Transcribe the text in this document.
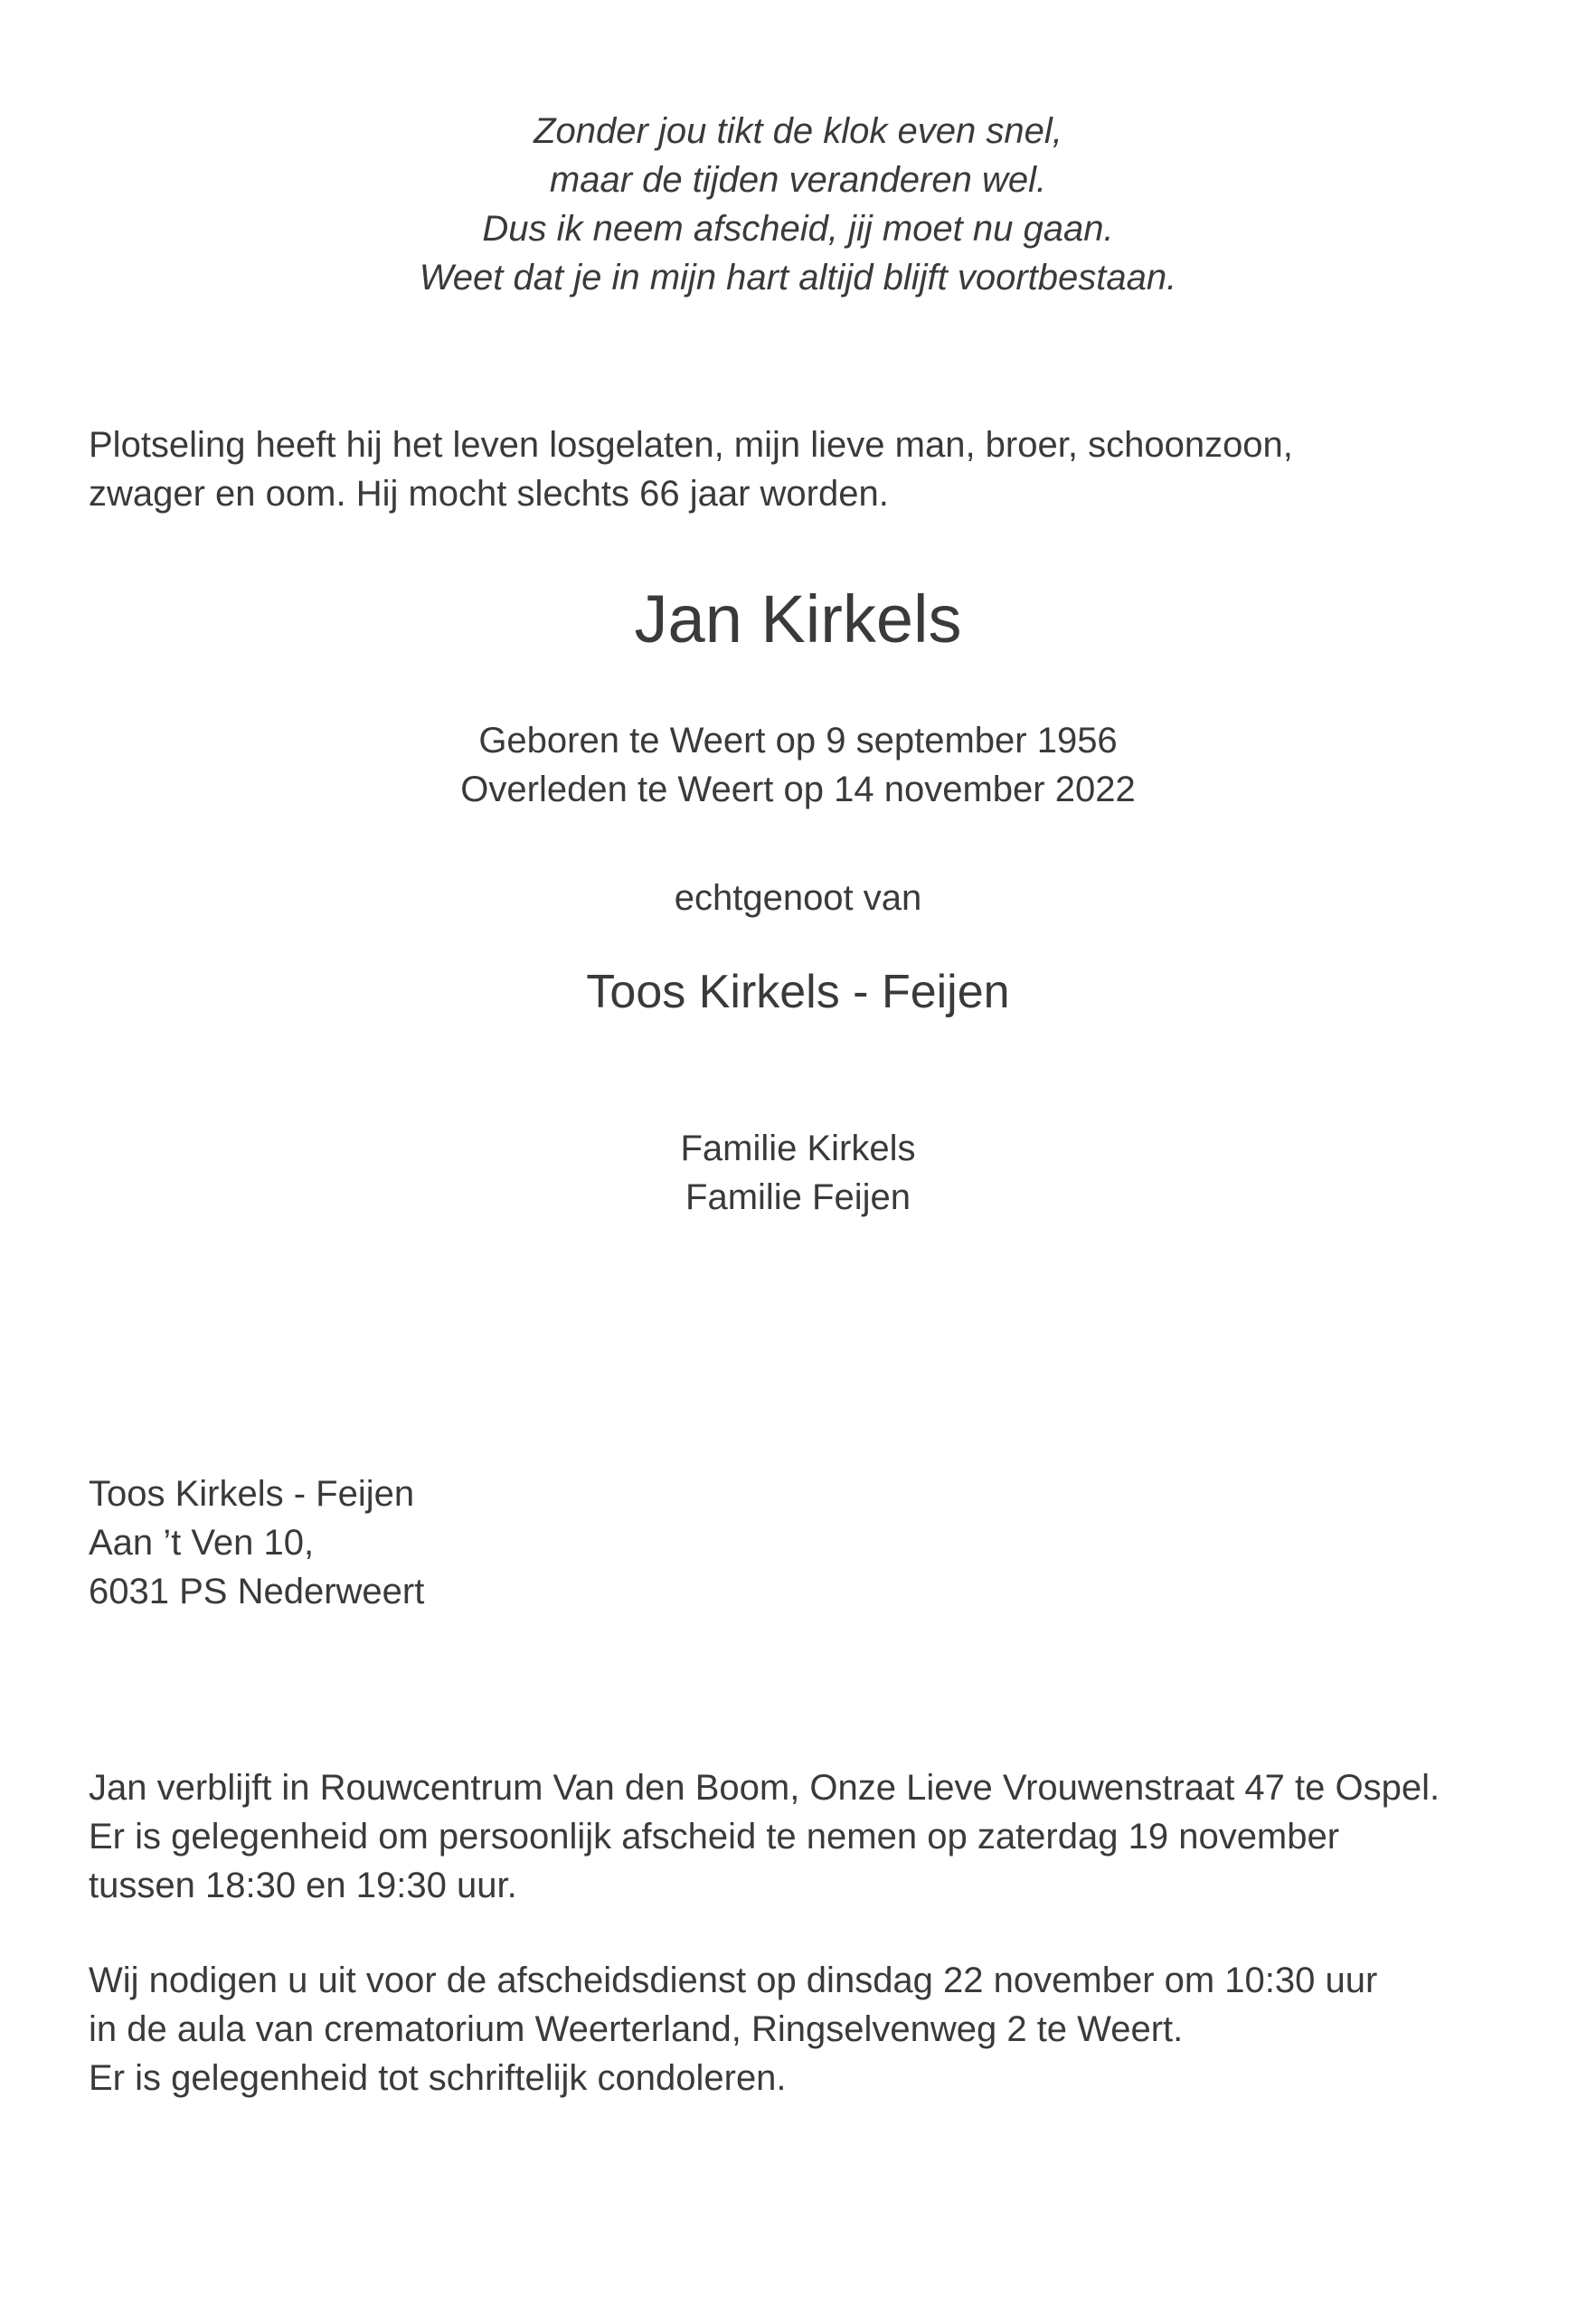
Zonder jou tikt de klok even snel,
maar de tijden veranderen wel.
Dus ik neem afscheid, jij moet nu gaan.
Weet dat je in mijn hart altijd blijft voortbestaan.
Plotseling heeft hij het leven losgelaten, mijn lieve man, broer, schoonzoon,
zwager en oom. Hij mocht slechts 66 jaar worden.
Jan Kirkels
Geboren te Weert op 9 september 1956
Overleden te Weert op 14 november 2022
echtgenoot van
Toos Kirkels - Feijen
Familie Kirkels
Familie Feijen
Toos Kirkels - Feijen
Aan ’t Ven 10,
6031 PS Nederweert
Jan verblijft in Rouwcentrum Van den Boom, Onze Lieve Vrouwenstraat 47 te Ospel.
Er is gelegenheid om persoonlijk afscheid te nemen op zaterdag 19 november
tussen 18:30 en 19:30 uur.
Wij nodigen u uit voor de afscheidsdienst op dinsdag 22 november om 10:30 uur
in de aula van crematorium Weerterland, Ringselvenweg 2 te Weert.
Er is gelegenheid tot schriftelijk condoleren.
